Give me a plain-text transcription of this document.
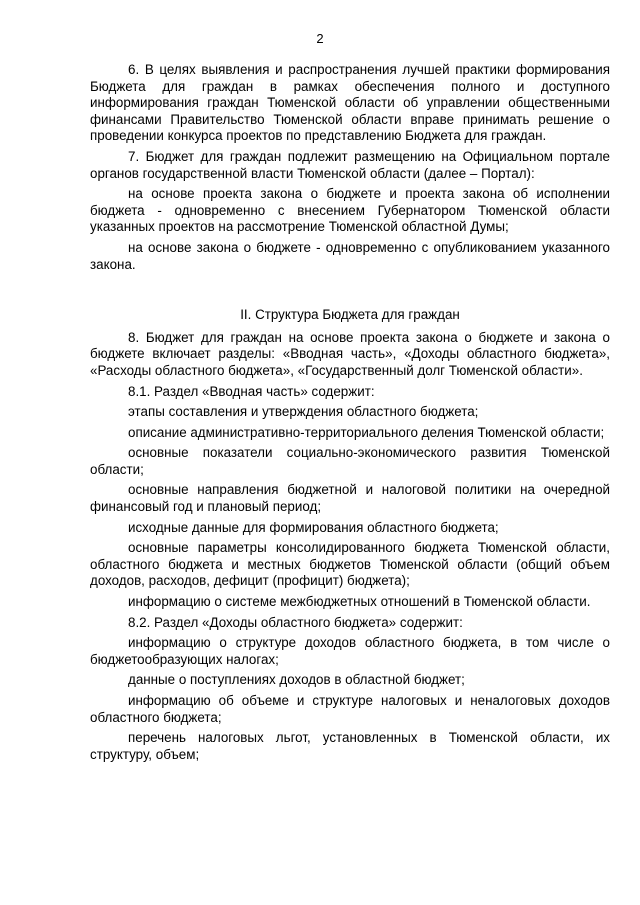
2

6. В целях выявления и распространения лучшей практики формирования Бюджета для граждан в рамках обеспечения полного и доступного информирования граждан Тюменской области об управлении общественными финансами Правительство Тюменской области вправе принимать решение о проведении конкурса проектов по представлению Бюджета для граждан.

7. Бюджет для граждан подлежит размещению на Официальном портале органов государственной власти Тюменской области (далее – Портал):

на основе проекта закона о бюджете и проекта закона об исполнении бюджета - одновременно с внесением Губернатором Тюменской области указанных проектов на рассмотрение Тюменской областной Думы;

на основе закона о бюджете - одновременно с опубликованием указанного закона.

II. Структура Бюджета для граждан

8. Бюджет для граждан на основе проекта закона о бюджете и закона о бюджете включает разделы: «Вводная часть», «Доходы областного бюджета», «Расходы областного бюджета», «Государственный долг Тюменской области».

8.1. Раздел «Вводная часть» содержит:

этапы составления и утверждения областного бюджета;

описание административно-территориального деления Тюменской области;

основные показатели социально-экономического развития Тюменской области;

основные направления бюджетной и налоговой политики на очередной финансовый год и плановый период;

исходные данные для формирования областного бюджета;

основные параметры консолидированного бюджета Тюменской области, областного бюджета и местных бюджетов Тюменской области (общий объем доходов, расходов, дефицит (профицит) бюджета);

информацию о системе межбюджетных отношений в Тюменской области.

8.2. Раздел «Доходы областного бюджета» содержит:

информацию о структуре доходов областного бюджета, в том числе о бюджетообразующих налогах;

данные о поступлениях доходов в областной бюджет;

информацию об объеме и структуре налоговых и неналоговых доходов областного бюджета;

перечень налоговых льгот, установленных в Тюменской области, их структуру, объем;
